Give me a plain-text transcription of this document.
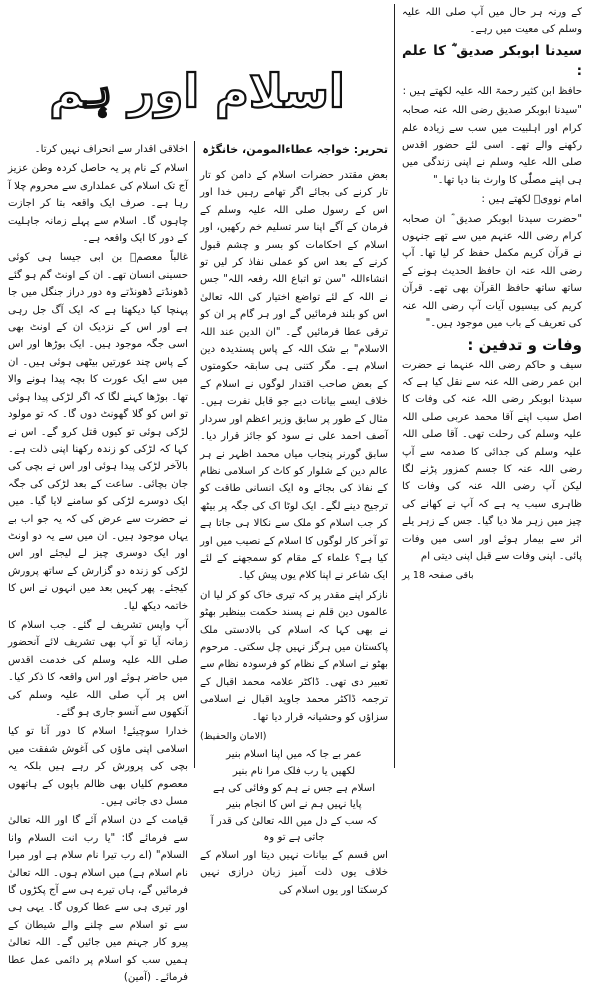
کے ورنہ ہر حال میں آپ صلی اللہ علیہ وسلم کی معیت میں رہے۔

سیدنا ابوبکر صدیق ؓ کا علم :

حافظ ابن کثیر رحمۃ اللہ علیہ لکھتے ہیں :

"سیدنا ابوبکر صدیق رضی اللہ عنہ صحابہ کرام اور اہلبیت میں سب سے زیادہ علم رکھنے والے تھے۔ اسی لئے حضور اقدس صلی اللہ علیہ وسلم نے اپنی زندگی میں ہی اپنے مصلّٰی کا وارث بنا دیا تھا۔"

امام نوویؒ لکھتے ہیں :

"حضرت سیدنا ابوبکر صدیق ؓ ان صحابہ کرام رضی اللہ عنہم میں سے تھے جنہوں نے قرآن کریم مکمل حفظ کر لیا تھا۔ آپ رضی اللہ عنہ ان حافظ الحدیث ہونے کے ساتھ ساتھ حافظ القرآن بھی تھے۔ قرآن کریم کی بیسیوں آیات آپ رضی اللہ عنہ کی تعریف کے باب میں موجود ہیں۔"

وفات و تدفین :

سیف و حاکم رضی اللہ عنہما نے حضرت ابن عمر رضی اللہ عنہ سے نقل کیا ہے کہ سیدنا ابوبکر رضی اللہ عنہ کی وفات کا اصل سبب اپنے آقا محمد عربی صلی اللہ علیہ وسلم کی رحلت تھی۔ آقا صلی اللہ علیہ وسلم کی جدائی کا صدمہ سے آپ رضی اللہ عنہ کا جسم کمزور پڑنے لگا لیکن آپ رضی اللہ عنہ کی وفات کا ظاہری سبب یہ ہے کہ آپ نے کھانے کی چیز میں زہر ملا دیا گیا۔ جس کے زہر یلے اثر سے بیمار ہوئے اور اسی میں وفات پائی۔ اپنی وفات سے قبل اپنی دیتی ام

باقی صفحہ 18 پر

اسلام اور ہم
تحریر: خواجہ عطاءالمومن، خانگڑہ

بعض مقتدر حضرات اسلام کے دامن کو تار تار کرنے کی بجائے اگر تھامے رہیں خدا اور اس کے رسول صلی اللہ علیہ وسلم کے فرمان کے آگے اپنا سر تسلیم خم رکھیں، اور اسلام کے احکامات کو بسر و چشم قبول کرنے کے بعد اس کو عملی نفاذ کر لیں تو انشاءاللہ "سن تو اتباع اللہ رفعہ اللہ" جس نے اللہ کے لئے تواضع اختیار کی اللہ تعالیٰ اس کو بلند فرمائیں گے اور ہر گام پر ان کو ترقی عطا فرمائیں گے۔ "ان الدین عند اللہ الاسلام" بے شک اللہ کے پاس پسندیدہ دین اسلام ہے۔ مگر کتنی ہی سابقہ حکومتوں کے بعض صاحب اقتدار لوگوں نے اسلام کے خلاف ایسے بیانات دیے جو قابل نفرت ہیں۔ مثال کے طور پر سابق وزیر اعظم اور سردار آصف احمد علی نے سود کو جائز قرار دیا۔ سابق گورنر پنجاب میاں محمد اظہر نے ہر عالم دین کے شلوار کو کاٹ کر اسلامی نظام کے نفاذ کی بجائے وہ ایک انسانی طاقت کو ترجیح دینے لگے۔ ایک لوٹا اک کی جگہ پر بیٹھ کر جب اسلام کو ملک سے نکالا ہی جاتا ہے تو آخر کار لوگوں کا اسلام کے نصیب میں اور کیا ہے؟ علماء کے مقام کو سمجھنے کے لئے ایک شاعر نے اپنا کلام یوں پیش کیا۔

نازکر اپنے مقدر پر کہ تیری خاک کو کر لیا ان عالموں دین قلم نے پسند حکمت بینظیر بھٹو نے بھی کہا کہ اسلام کی بالادستی ملک پاکستان میں ہرگز نہیں چل سکتی۔ مرحوم بھٹو نے اسلام کے نظام کو فرسودہ نظام سے تعبیر دی تھی۔ ڈاکٹر علامہ محمد اقبال کے ترجمہ ڈاکٹر محمد جاوید اقبال نے اسلامی سزاؤں کو وحشیانہ قرار دیا تھا۔

(الامان والحفیظ)

عمر بے جا کہ میں اپنا اسلام بنیر
لکھیں یا رب فلک مرا نام بنیر
اسلام ہے جس نے ہم کو وفائی کی ہے
پایا نہیں ہم نے اس کا انجام بنیر
کہ سب کے دل میں اللہ تعالیٰ کی قدر آ جاتی ہے تو وہ

اس قسم کے بیانات نہیں دیتا اور اسلام کے خلاف یوں ذلت آمیز زبان درازی نہیں کرسکتا اور یوں اسلام کی

اخلاقی اقدار سے انحراف نہیں کرتا۔

اسلام کے نام پر یہ حاصل کردہ وطن عزیز آج تک اسلام کی عملداری سے محروم چلا آ رہا ہے۔ صرف ایک واقعہ بتا کر اجازت چاہوں گا۔ اسلام سے پہلے زمانہ جاہلیت کے دور کا ایک واقعہ ہے۔

غالباً معصمؓ بن ابی جیسا ہی کوئی حسینی انسان تھے۔ ان کے اونٹ گم ہو گئے ڈھونڈتے ڈھونڈتے وہ دور دراز جنگل میں جا پہنچا کیا دیکھتا ہے کہ ایک آگ جل رہی ہے اور اس کے نزدیک ان کے اونٹ بھی اسی جگہ موجود ہیں۔ ایک بوڑھا اور اس کے پاس چند عورتیں بیٹھی ہوئی ہیں۔ ان میں سے ایک عورت کا بچہ پیدا ہونے والا تھا۔ بوڑھا کہنے لگا کہ اگر لڑکی پیدا ہوئی تو اس کو گلا گھونٹ دوں گا۔ کہ تو مولود لڑکی ہوئی تو کیوں قتل کرو گے۔ اس نے کہا کہ لڑکی کو زندہ رکھنا اپنی ذلت ہے۔ بالآخر لڑکی پیدا ہوئی اور اس نے بچی کی جان بچائی۔ ساعت کے بعد لڑکی کی جگہ ایک دوسرے لڑکی کو سامنے لایا گیا۔ میں نے حضرت سے عرض کی کہ یہ جو اب بے یہاں موجود ہیں۔ ان میں سے یہ دو اونٹ اور ایک دوسری چیز لے لیجئے اور اس لڑکی کو زندہ دو گزارش کے ساتھ پرورش کیجئے۔ پھر کہیں بعد میں انہوں نے اس کا خاتمہ دیکھ لیا۔

آپ واپس تشریف لے گئے۔ جب اسلام کا زمانہ آیا تو آپ بھی تشریف لائے آنحضور صلی اللہ علیہ وسلم کی خدمت اقدس میں حاضر ہوئے اور اس واقعہ کا ذکر کیا۔ اس پر آپ صلی اللہ علیہ وسلم کی آنکھوں سے آنسو جاری ہو گئے۔

خدارا سوچیئے! اسلام کا دور آنا تو کیا اسلامی اپنی ماؤں کی آغوش شفقت میں بچی کی پرورش کر رہے ہیں بلکہ یہ معصوم کلیاں بھی ظالم باپوں کے ہاتھوں مسل دی جاتی ہیں۔

قیامت کے دن اسلام آئے گا اور اللہ تعالیٰ سے فرمائے گا: "یا رب انت السلام وانا السلام" (اے رب تیرا نام سلام ہے اور میرا نام اسلام ہے) میں اسلام ہوں۔ اللہ تعالیٰ فرمائیں گے، ہاں تیرے ہی سے آج پکڑوں گا اور تیری ہی سے عطا کروں گا۔ یہی ہی سے تو اسلام سے چلنے والے شیطان کے پیرو کار جہنم میں جائیں گے۔ اللہ تعالیٰ ہمیں سب کو اسلام پر دائمی عمل عطا فرمائے۔ (آمین)
